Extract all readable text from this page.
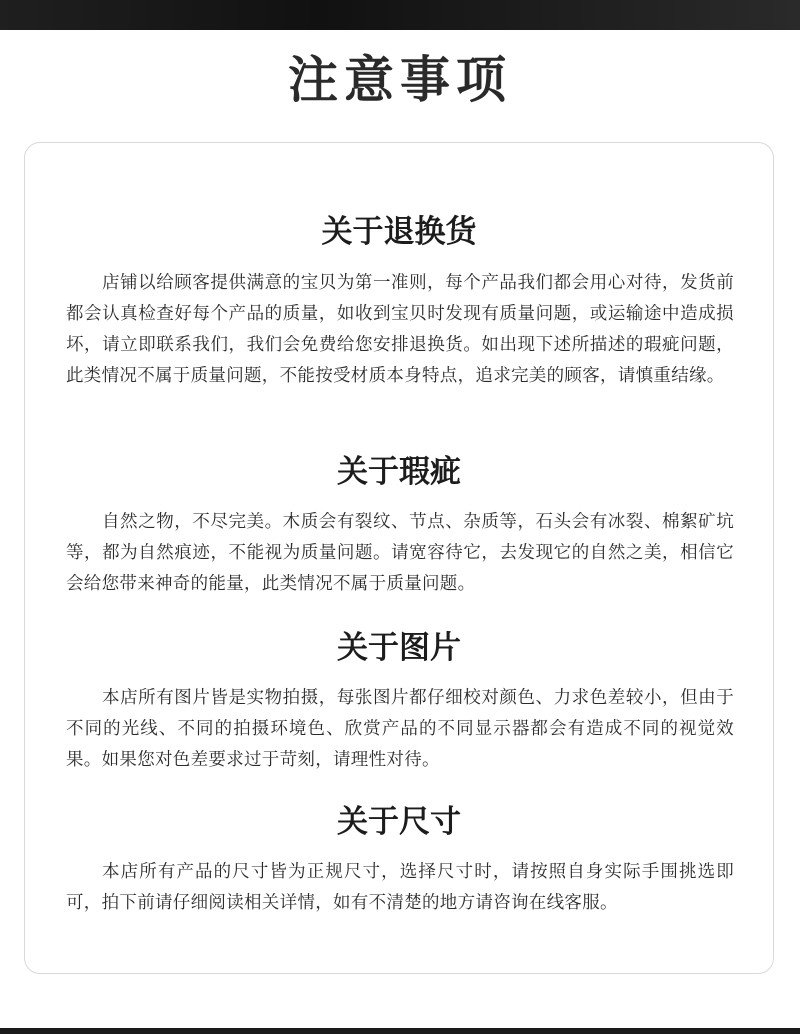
注意事项
关于退换货

店铺以给顾客提供满意的宝贝为第一准则，每个产品我们都会用心对待，发货前都会认真检查好每个产品的质量，如收到宝贝时发现有质量问题，或运输途中造成损坏，请立即联系我们，我们会免费给您安排退换货。如出现下述所描述的瑕疵问题，此类情况不属于质量问题，不能按受材质本身特点，追求完美的顾客，请慎重结缘。

关于瑕疵

自然之物，不尽完美。木质会有裂纹、节点、杂质等，石头会有冰裂、棉絮矿坑等，都为自然痕迹，不能视为质量问题。请宽容待它，去发现它的自然之美，相信它会给您带来神奇的能量，此类情况不属于质量问题。

关于图片

本店所有图片皆是实物拍摄，每张图片都仔细校对颜色、力求色差较小，但由于不同的光线、不同的拍摄环境色、欣赏产品的不同显示器都会有造成不同的视觉效果。如果您对色差要求过于苛刻，请理性对待。

关于尺寸

本店所有产品的尺寸皆为正规尺寸，选择尺寸时，请按照自身实际手围挑选即可，拍下前请仔细阅读相关详情，如有不清楚的地方请咨询在线客服。
